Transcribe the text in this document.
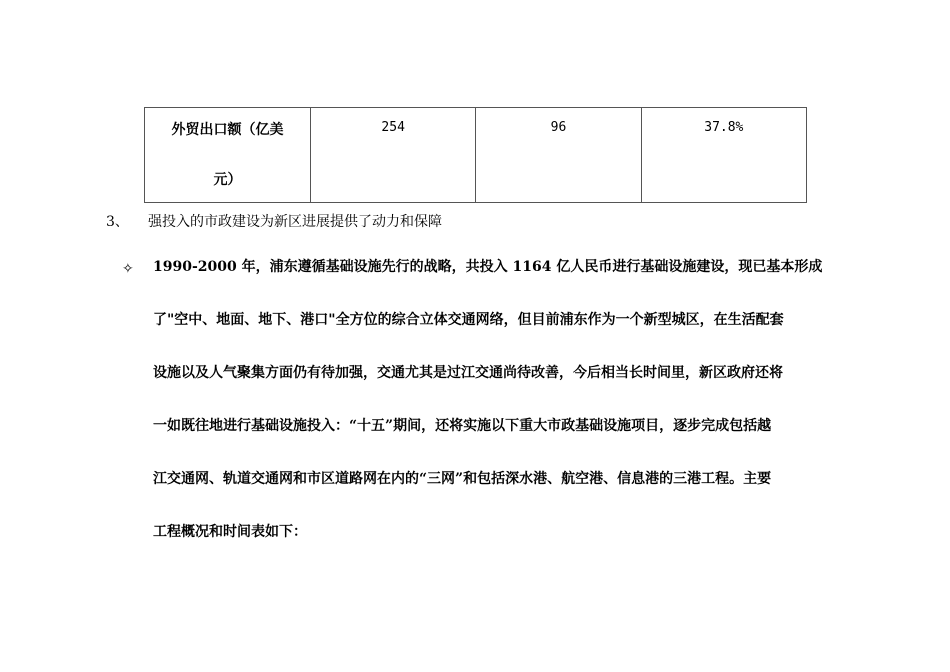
外贸出口额（亿美
元）
	254	96	37.8%
3、 强投入的市政建设为新区进展提供了动力和保障
✧ 1990-2000 年，浦东遵循基础设施先行的战略，共投入 1164 亿人民币进行基础设施建设，现已基本形成
了"空中、地面、地下、港口"全方位的综合立体交通网络，但目前浦东作为一个新型城区，在生活配套
设施以及人气聚集方面仍有待加强，交通尤其是过江交通尚待改善，今后相当长时间里，新区政府还将
一如既往地进行基础设施投入：“十五”期间，还将实施以下重大市政基础设施项目，逐步完成包括越
江交通网、轨道交通网和市区道路网在内的“三网”和包括深水港、航空港、信息港的三港工程。主要
工程概况和时间表如下：
